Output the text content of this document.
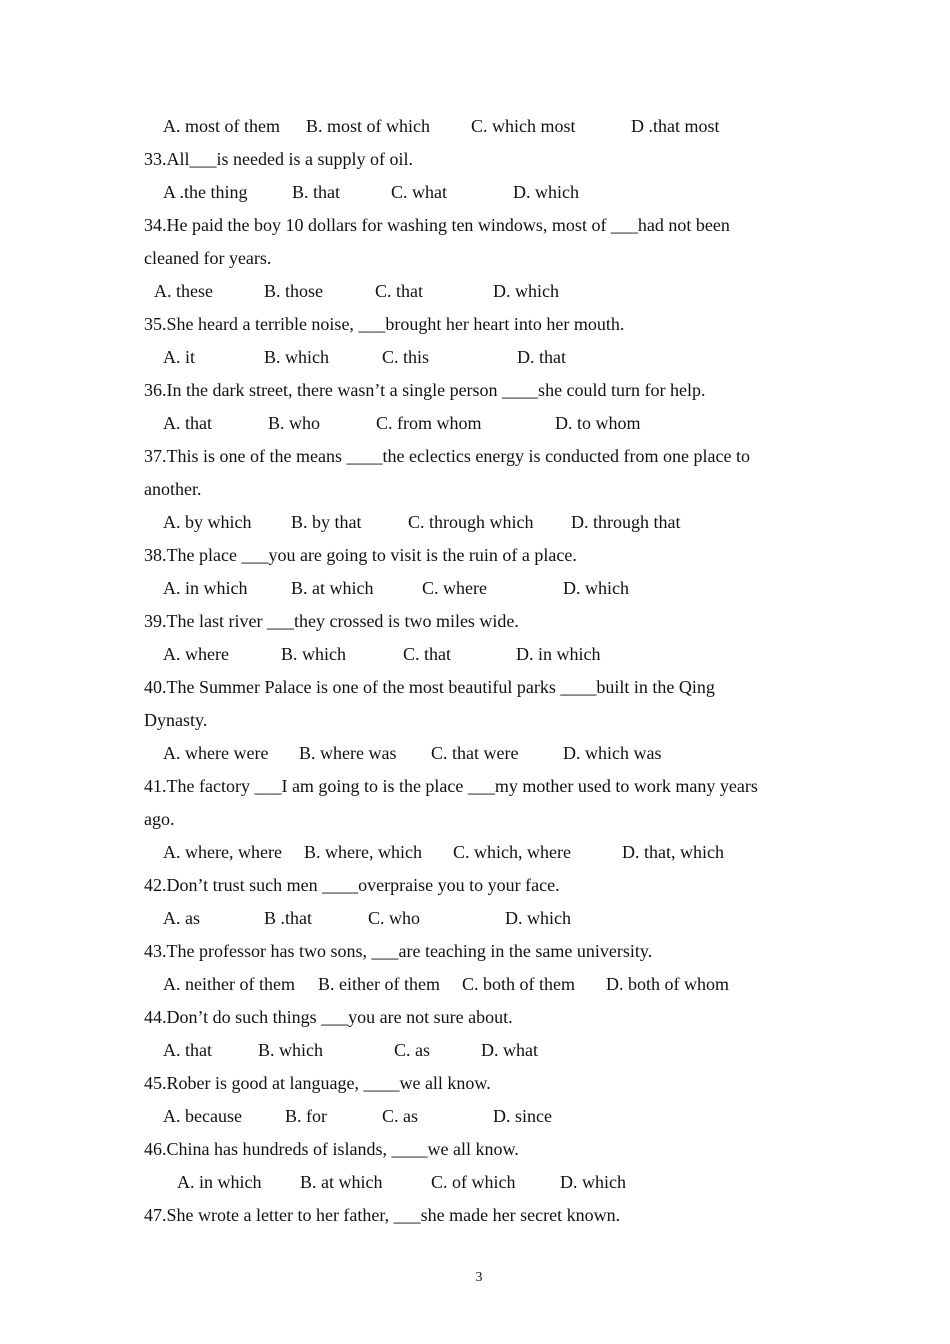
3
A. most of them B. most of which C. which most	D .that most
33.All___is needed is a supply of oil.
A .the thing B. that	C. what	D. which
34.He paid the boy 10 dollars for washing ten windows, most of ___had not been
cleaned for years.
A. these	B. those	C. that	D. which
35.She heard a terrible noise, ___brought her heart into her mouth.
A. it	B. which	C. this	D. that
36.In the dark street, there wasn’t a single person ____she could turn for help.
A. that	B. who	C. from whom	D. to whom
37.This is one of the means ____the eclectics energy is conducted from one place to
another.
A. by which B. by that	C. through which D. through that
38.The place ___you are going to visit is the ruin of a place.
A. in which B. at which	C. where	D. which
39.The last river ___they crossed is two miles wide.
A. where	B. which	C. that	D. in which
40.The Summer Palace is one of the most beautiful parks ____built in the Qing
Dynasty.
A. where were B. where was C. that were D. which was
41.The factory ___I am going to is the place ___my mother used to work many years
ago.
A. where, where B. where, which C. which, where	D. that, which
42.Don’t trust such men ____overpraise you to your face.
A. as	B .that	C. who	D. which
43.The professor has two sons, ___are teaching in the same university.
A. neither of them B. either of them C. both of them D. both of whom
44.Don’t do such things ___you are not sure about.
A. that	B. which	C. as	D. what
45.Rober is good at language, ____we all know.
A. because B. for	C. as	D. since
46.China has hundreds of islands, ____we all know.
A. in which B. at which	C. of which D. which
47.She wrote a letter to her father, ___she made her secret known.
